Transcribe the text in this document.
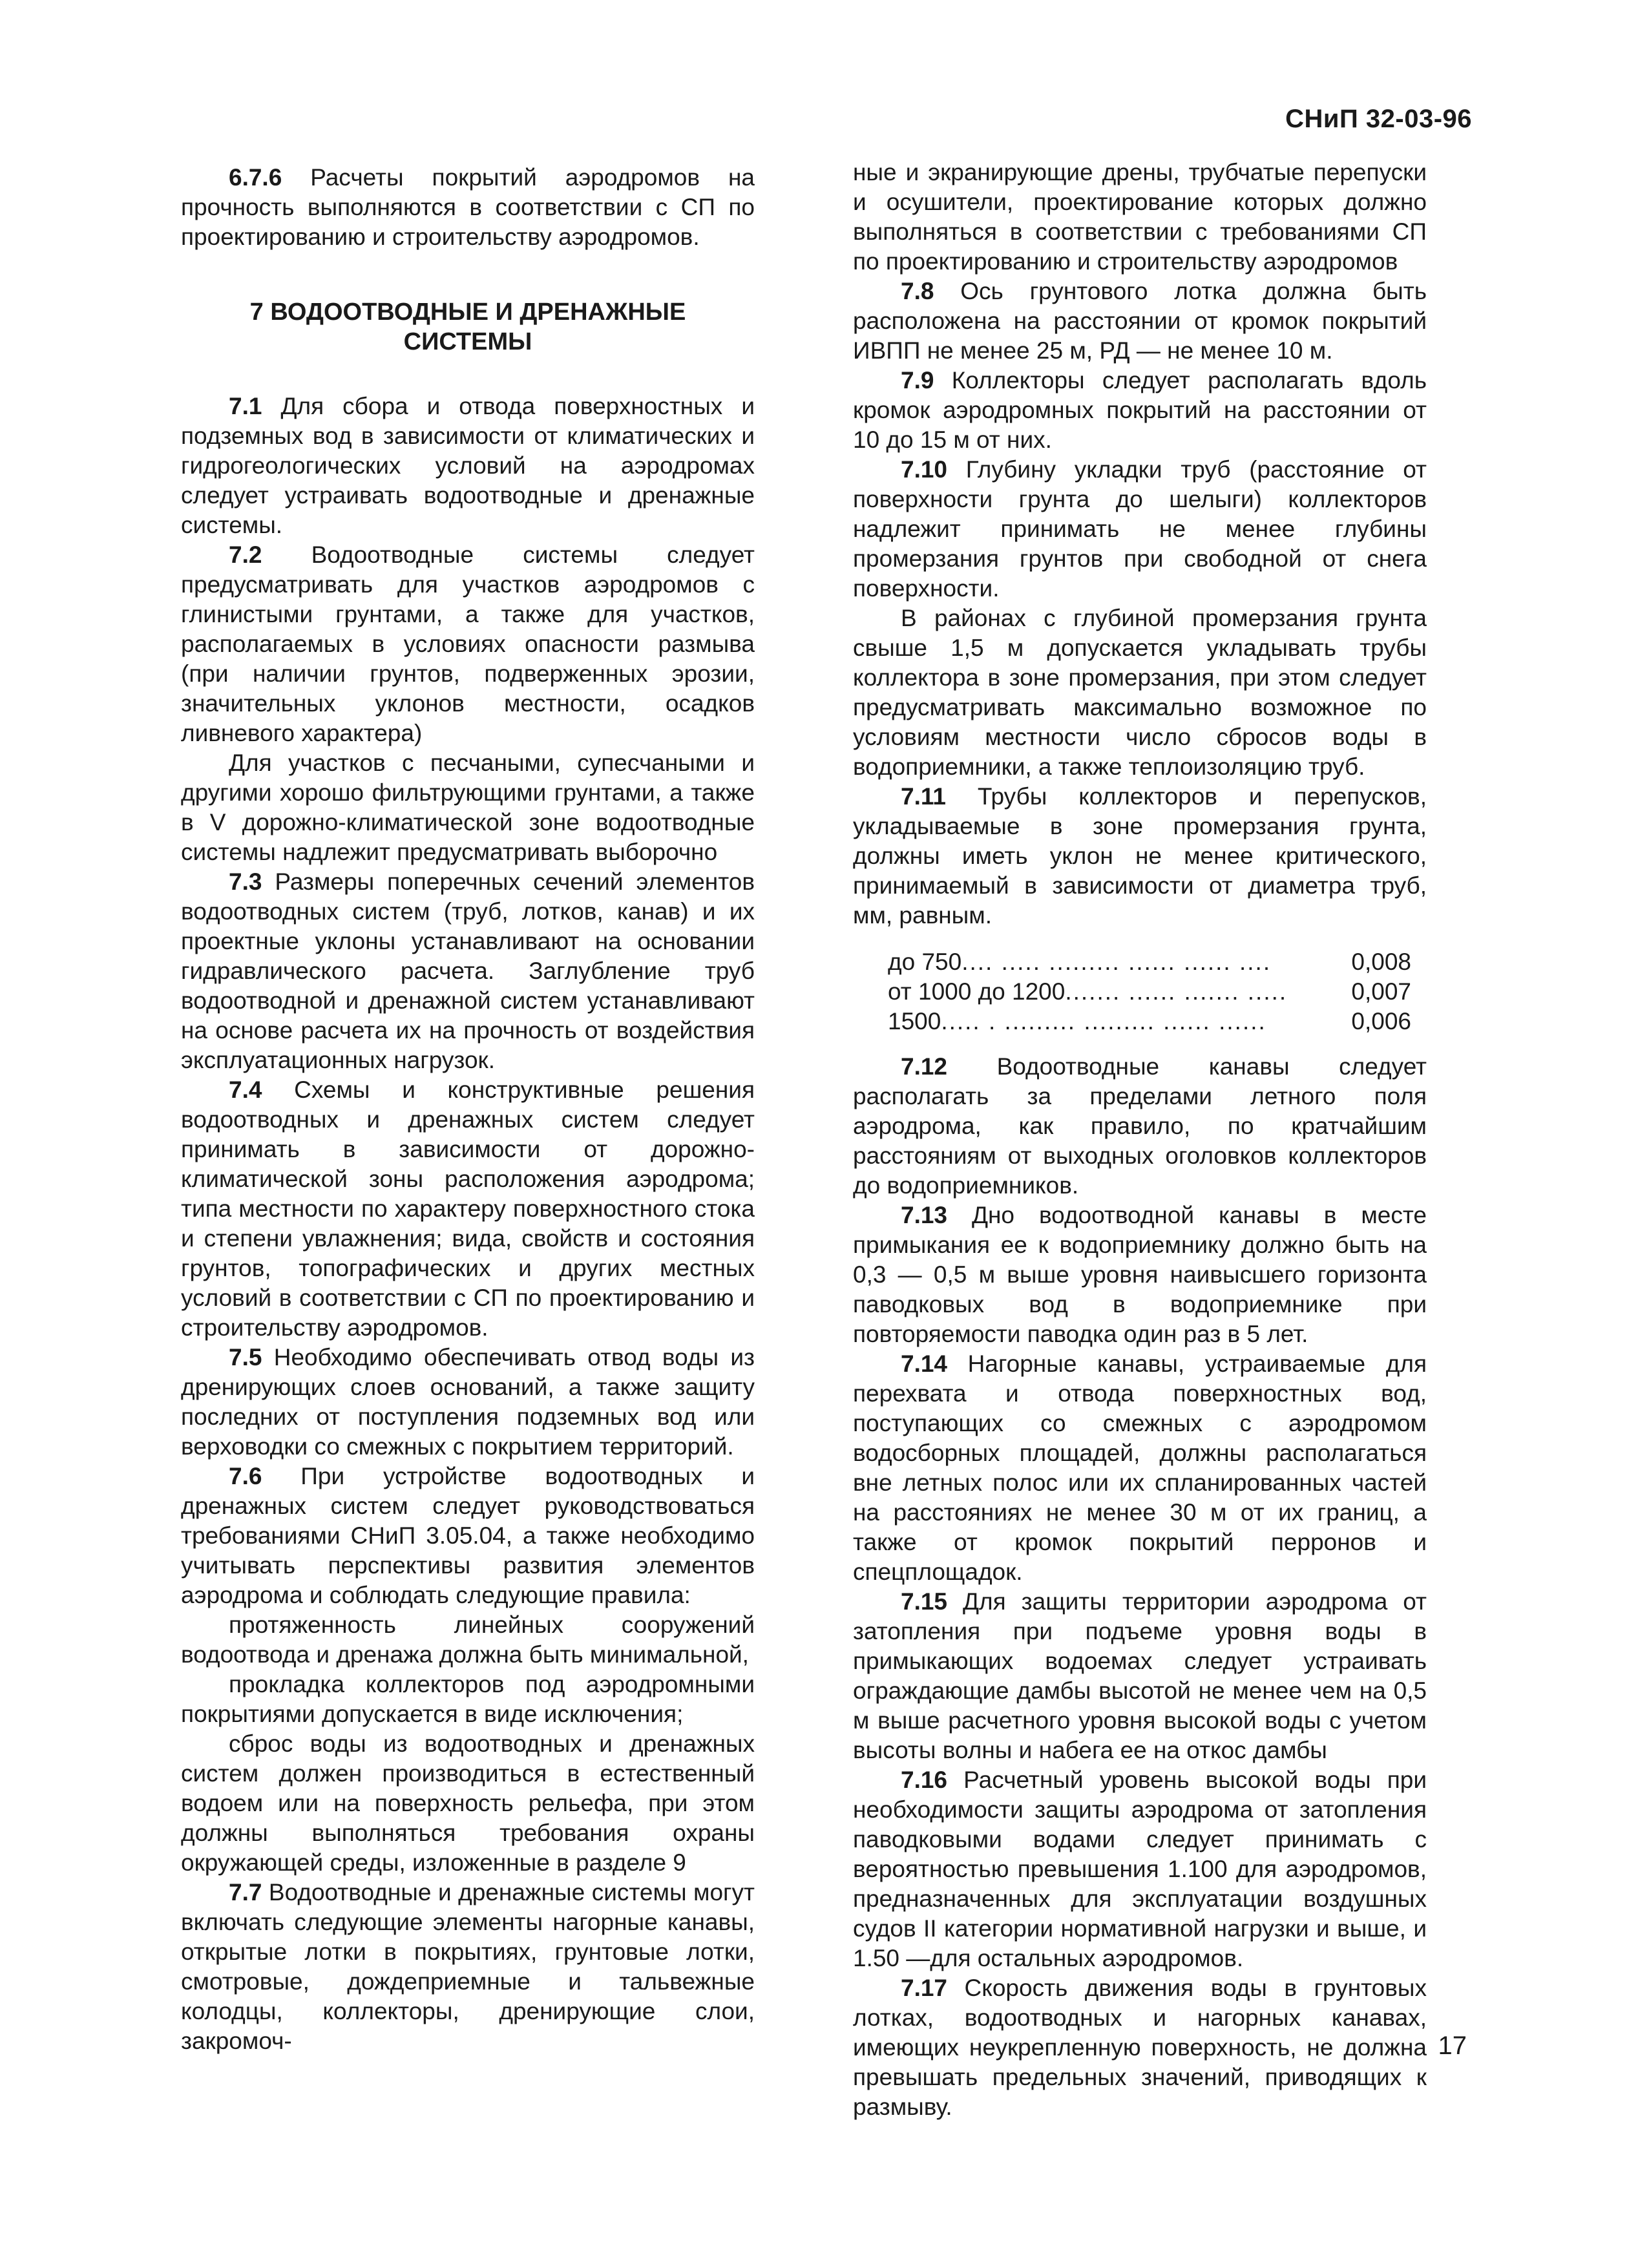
СНиП 32-03-96

6.7.6 Расчеты покрытий аэродромов на прочность выполняются в соответствии с СП по проектированию и строительству аэродромов.

7 ВОДООТВОДНЫЕ И ДРЕНАЖНЫЕ СИСТЕМЫ

7.1 Для сбора и отвода поверхностных и подземных вод в зависимости от климатических и гидрогеологических условий на аэродромах следует устраивать водоотводные и дренажные системы.

7.2 Водоотводные системы следует предусматривать для участков аэродромов с глинистыми грунтами, а также для участков, располагаемых в условиях опасности размыва (при наличии грунтов, подверженных эрозии, значительных уклонов местности, осадков ливневого характера)

Для участков с песчаными, супесчаными и другими хорошо фильтрующими грунтами, а также в V дорожно-климатической зоне водоотводные системы надлежит предусматривать выборочно

7.3 Размеры поперечных сечений элементов водоотводных систем (труб, лотков, канав) и их проектные уклоны устанавливают на основании гидравлического расчета. Заглубление труб водоотводной и дренажной систем устанавливают на основе расчета их на прочность от воздействия эксплуатационных нагрузок.

7.4 Схемы и конструктивные решения водоотводных и дренажных систем следует принимать в зависимости от дорожно-климатической зоны расположения аэродрома; типа местности по характеру поверхностного стока и степени увлажнения; вида, свойств и состояния грунтов, топографических и других местных условий в соответствии с СП по проектированию и строительству аэродромов.

7.5 Необходимо обеспечивать отвод воды из дренирующих слоев оснований, а также защиту последних от поступления подземных вод или верховодки со смежных с покрытием территорий.

7.6 При устройстве водоотводных и дренажных систем следует руководствоваться требованиями СНиП 3.05.04, а также необходимо учитывать перспективы развития элементов аэродрома и соблюдать следующие правила:

протяженность линейных сооружений водоотвода и дренажа должна быть минимальной,

прокладка коллекторов под аэродромными покрытиями допускается в виде исключения;

сброс воды из водоотводных и дренажных систем должен производиться в естественный водоем или на поверхность рельефа, при этом должны выполняться требования охраны окружающей среды, изложенные в разделе 9

7.7 Водоотводные и дренажные системы могут включать следующие элементы нагорные канавы, открытые лотки в покрытиях, грунтовые лотки, смотровые, дождеприемные и тальвежные колодцы, коллекторы, дренирующие слои, закромоч-

ные и экранирующие дрены, трубчатые перепуски и осушители, проектирование которых должно выполняться в соответствии с требованиями СП по проектированию и строительству аэродромов

7.8 Ось грунтового лотка должна быть расположена на расстоянии от кромок покрытий ИВПП не менее 25 м, РД — не менее 10 м.

7.9 Коллекторы следует располагать вдоль кромок аэродромных покрытий на расстоянии от 10 до 15 м от них.

7.10 Глубину укладки труб (расстояние от поверхности грунта до шелыги) коллекторов надлежит принимать не менее глубины промерзания грунтов при свободной от снега поверхности.

В районах с глубиной промерзания грунта свыше 1,5 м допускается укладывать трубы коллектора в зоне промерзания, при этом следует предусматривать максимально возможное по условиям местности число сбросов воды в водоприемники, а также теплоизоляцию труб.

7.11 Трубы коллекторов и перепусков, укладываемые в зоне промерзания грунта, должны иметь уклон не менее критического, принимаемый в зависимости от диаметра труб, мм, равным.

до 750 .... ..... ......... ...... ...... ....	0,008
от 1000 до 1200 ....... ...... ....... .....	0,007
1500 ..... . ......... ......... ...... ......	0,006

7.12 Водоотводные канавы следует располагать за пределами летного поля аэродрома, как правило, по кратчайшим расстояниям от выходных оголовков коллекторов до водоприемников.

7.13 Дно водоотводной канавы в месте примыкания ее к водоприемнику должно быть на 0,3 — 0,5 м выше уровня наивысшего горизонта паводковых вод в водоприемнике при повторяемости паводка один раз в 5 лет.

7.14 Нагорные канавы, устраиваемые для перехвата и отвода поверхностных вод, поступающих со смежных с аэродромом водосборных площадей, должны располагаться вне летных полос или их спланированных частей на расстояниях не менее 30 м от их границ, а также от кромок покрытий перронов и спецплощадок.

7.15 Для защиты территории аэродрома от затопления при подъеме уровня воды в примыкающих водоемах следует устраивать ограждающие дамбы высотой не менее чем на 0,5 м выше расчетного уровня высокой воды с учетом высоты волны и набега ее на откос дамбы

7.16 Расчетный уровень высокой воды при необходимости защиты аэродрома от затопления паводковыми водами следует принимать с вероятностью превышения 1.100 для аэродромов, предназначенных для эксплуатации воздушных судов II категории нормативной нагрузки и выше, и 1.50 —для остальных аэродромов.

7.17 Скорость движения воды в грунтовых лотках, водоотводных и нагорных канавах, имеющих неукрепленную поверхность, не должна превышать предельных значений, приводящих к размыву.

17
